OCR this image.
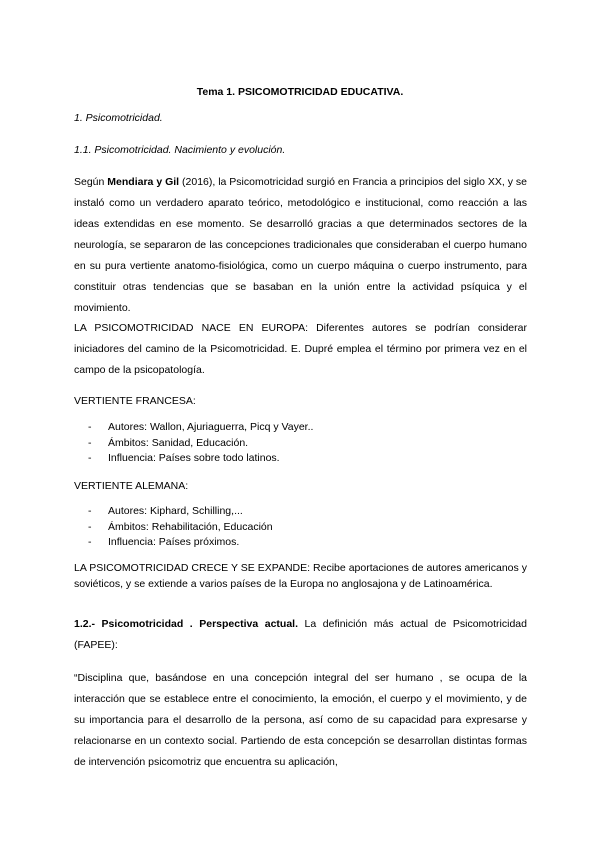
Tema 1. PSICOMOTRICIDAD EDUCATIVA.
1. Psicomotricidad.
1.1. Psicomotricidad. Nacimiento y evolución.
Según Mendiara y Gil (2016), la Psicomotricidad surgió en Francia a principios del siglo XX, y se instaló como un verdadero aparato teórico, metodológico e institucional, como reacción a las ideas extendidas en ese momento. Se desarrolló gracias a que determinados sectores de la neurología, se separaron de las concepciones tradicionales que consideraban el cuerpo humano en su pura vertiente anatomo-fisiológica, como un cuerpo máquina o cuerpo instrumento, para constituir otras tendencias que se basaban en la unión entre la actividad psíquica y el movimiento.
LA PSICOMOTRICIDAD NACE EN EUROPA: Diferentes autores se podrían considerar iniciadores del camino de la Psicomotricidad. E. Dupré emplea el término por primera vez en el campo de la psicopatología.
VERTIENTE FRANCESA:
- Autores: Wallon, Ajuriaguerra, Picq y Vayer..
- Ámbitos: Sanidad, Educación.
- Influencia: Países sobre todo latinos.
VERTIENTE ALEMANA:
- Autores: Kiphard, Schilling,...
- Ámbitos: Rehabilitación, Educación
- Influencia: Países próximos.
LA PSICOMOTRICIDAD CRECE Y SE EXPANDE: Recibe aportaciones de autores americanos y soviéticos, y se extiende a varios países de la Europa no anglosajona y de Latinoamérica.
1.2.- Psicomotricidad . Perspectiva actual. La definición más actual de Psicomotricidad (FAPEE):
“Disciplina que, basándose en una concepción integral del ser humano , se ocupa de la interacción que se establece entre el conocimiento, la emoción, el cuerpo y el movimiento, y de su importancia para el desarrollo de la persona, así como de su capacidad para expresarse y relacionarse en un contexto social. Partiendo de esta concepción se desarrollan distintas formas de intervención psicomotriz que encuentra su aplicación,
